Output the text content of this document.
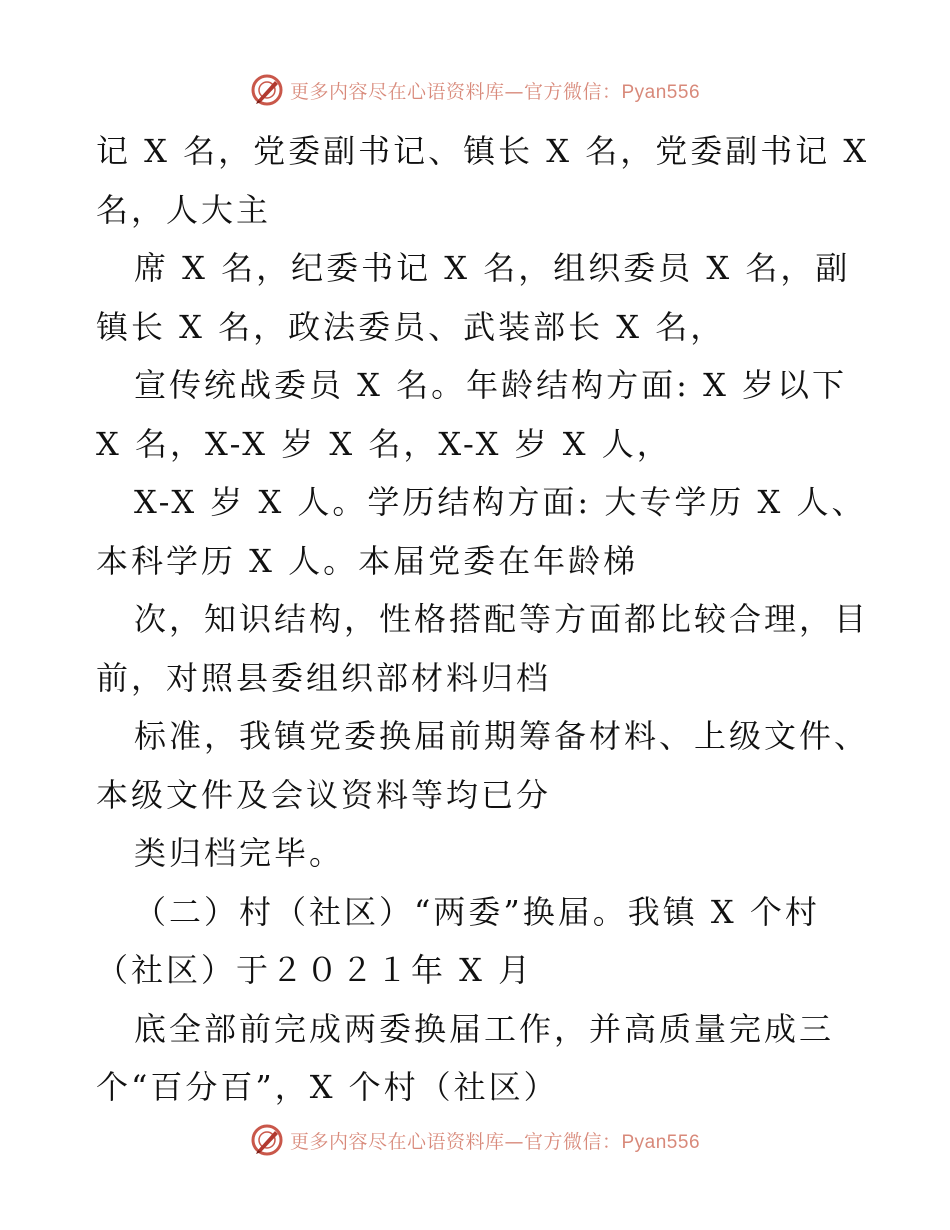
更多内容尽在心语资料库—官方微信：Pyan556
记 X 名，党委副书记、镇长 X 名，党委副书记 X
名，人大主
席 X 名，纪委书记 X 名，组织委员 X 名，副
镇长 X 名，政法委员、武装部长 X 名，
宣传统战委员 X 名。年龄结构方面: X 岁以下
X 名，X-X 岁 X 名，X-X 岁 X 人，
X-X 岁 X 人。学历结构方面: 大专学历 X 人、
本科学历 X 人。本届党委在年龄梯
次，知识结构，性格搭配等方面都比较合理，目
前，对照县委组织部材料归档
标准，我镇党委换届前期筹备材料、上级文件、
本级文件及会议资料等均已分
类归档完毕。
（二）村（社区）“两委”换届。我镇 X 个村
（社区）于２０２１年 X 月
底全部前完成两委换届工作，并高质量完成三
个“百分百”，X 个村（社区）
更多内容尽在心语资料库—官方微信：Pyan556
